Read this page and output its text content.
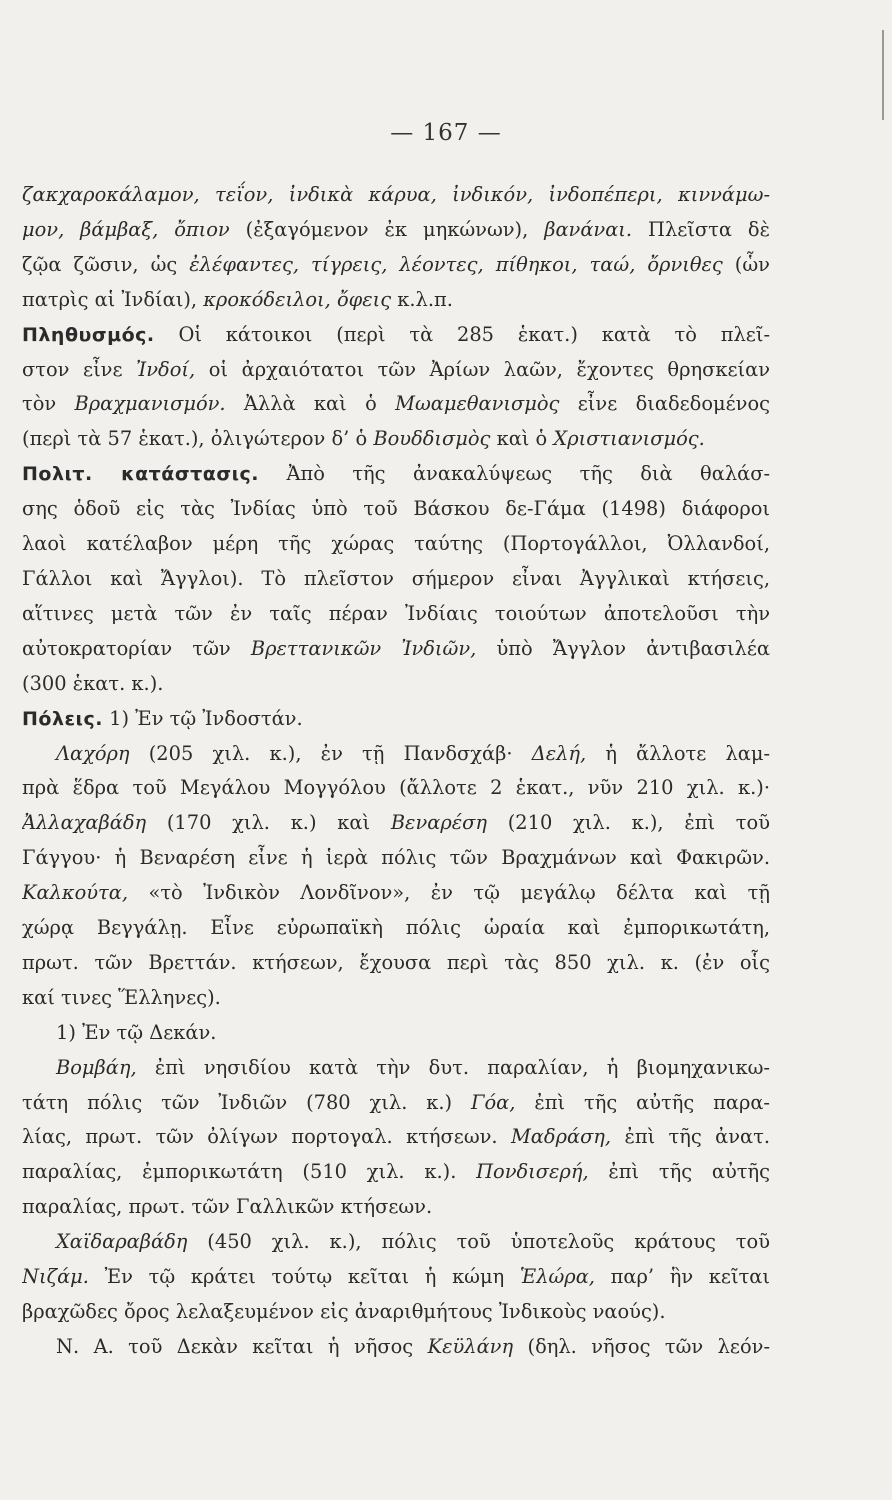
— 167 —
ζακχαροκάλαμον, τεΐον, ἰνδικὰ κάρυα, ἰνδικόν, ἰνδοπέπερι, κιννάμω-
μον, βάμβαξ, ὄπιον (ἐξαγόμενον ἐκ μηκώνων), βανάναι. Πλεῖστα δὲ
ζῷα ζῶσιν, ὡς ἐλέφαντες, τίγρεις, λέοντες, πίθηκοι, ταώ, ὄρνιθες (ὧν
πατρὶς αἱ Ἰνδίαι), κροκόδειλοι, ὄφεις κ.λ.π.
Πληθυσμός. Οἱ κάτοικοι (περὶ τὰ 285 ἑκατ.) κατὰ τὸ πλεῖ-
στον εἶνε Ἰνδοί, οἱ ἀρχαιότατοι τῶν Ἀρίων λαῶν, ἔχοντες θρησκείαν
τὸν Βραχμανισμόν. Ἀλλὰ καὶ ὁ Μωαμεθανισμὸς εἶνε διαδεδομένος
(περὶ τὰ 57 ἑκατ.), ὀλιγώτερον δ’ ὁ Βουδδισμὸς καὶ ὁ Χριστιανισμός.
Πολιτ. κατάστασις. Ἀπὸ τῆς ἀνακαλύψεως τῆς διὰ θαλάσ-
σης ὁδοῦ εἰς τὰς Ἰνδίας ὑπὸ τοῦ Βάσκου δε-Γάμα (1498) διάφοροι
λαοὶ κατέλαβον μέρη τῆς χώρας ταύτης (Πορτογάλλοι, Ὀλλανδοί,
Γάλλοι καὶ Ἄγγλοι). Τὸ πλεῖστον σήμερον εἶναι Ἀγγλικαὶ κτήσεις,
αἵτινες μετὰ τῶν ἐν ταῖς πέραν Ἰνδίαις τοιούτων ἀποτελοῦσι τὴν
αὐτοκρατορίαν τῶν Βρεττανικῶν Ἰνδιῶν, ὑπὸ Ἄγγλον ἀντιβασιλέα
(300 ἑκατ. κ.).
Πόλεις. 1) Ἐν τῷ Ἰνδοστάν.
Λαχόρη (205 χιλ. κ.), ἐν τῇ Πανδσχάβ· Δελή, ἡ ἄλλοτε λαμ-
πρὰ ἕδρα τοῦ Μεγάλου Μογγόλου (ἄλλοτε 2 ἑκατ., νῦν 210 χιλ. κ.)·
Ἀλλαχαβάδη (170 χιλ. κ.) καὶ Βεναρέση (210 χιλ. κ.), ἐπὶ τοῦ
Γάγγου· ἡ Βεναρέση εἶνε ἡ ἱερὰ πόλις τῶν Βραχμάνων καὶ Φακιρῶν.
Καλκούτα, «τὸ Ἰνδικὸν Λονδῖνον», ἐν τῷ μεγάλῳ δέλτα καὶ τῇ
χώρᾳ Βεγγάλῃ. Εἶνε εὐρωπαϊκὴ πόλις ὡραία καὶ ἐμπορικωτάτη,
πρωτ. τῶν Βρεττάν. κτήσεων, ἔχουσα περὶ τὰς 850 χιλ. κ. (ἐν οἷς
καί τινες Ἕλληνες).
1) Ἐν τῷ Δεκάν.
Βομβάη, ἐπὶ νησιδίου κατὰ τὴν δυτ. παραλίαν, ἡ βιομηχανικω-
τάτη πόλις τῶν Ἰνδιῶν (780 χιλ. κ.) Γόα, ἐπὶ τῆς αὐτῆς παρα-
λίας, πρωτ. τῶν ὀλίγων πορτογαλ. κτήσεων. Μαδράση, ἐπὶ τῆς ἀνατ.
παραλίας, ἐμπορικωτάτη (510 χιλ. κ.). Πονδισερή, ἐπὶ τῆς αὐτῆς
παραλίας, πρωτ. τῶν Γαλλικῶν κτήσεων.
Χαϊδαραβάδη (450 χιλ. κ.), πόλις τοῦ ὑποτελοῦς κράτους τοῦ
Νιζάμ. Ἐν τῷ κράτει τούτῳ κεῖται ἡ κώμη Ἑλώρα, παρ’ ἣν κεῖται
βραχῶδες ὄρος λελαξευμένον εἰς ἀναριθμήτους Ἰνδικοὺς ναούς).
Ν. Α. τοῦ Δεκὰν κεῖται ἡ νῆσος Κεϋλάνη (δηλ. νῆσος τῶν λεόν-
